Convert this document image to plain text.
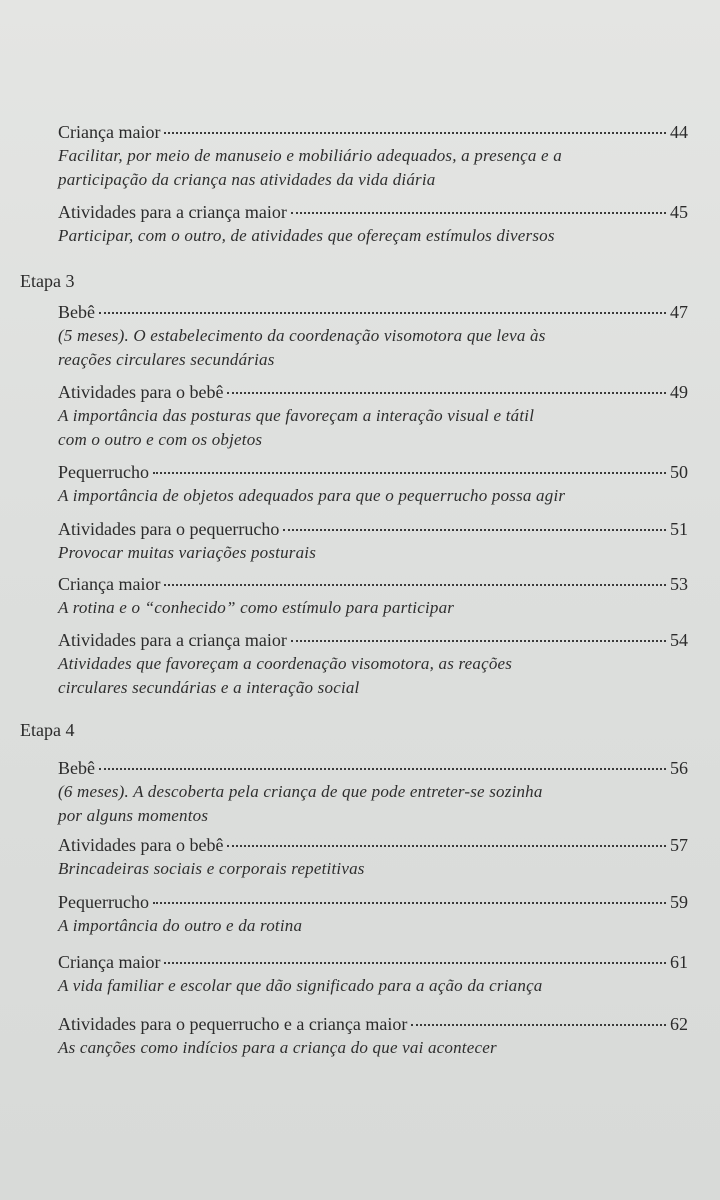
Criança maior	44
Facilitar, por meio de manuseio e mobiliário adequados, a presença e a
participação da criança nas atividades da vida diária
Atividades para a criança maior	45
Participar, com o outro, de atividades que ofereçam estímulos diversos
Etapa 3
Bebê	47
(5 meses). O estabelecimento da coordenação visomotora que leva às
reações circulares secundárias
Atividades para o bebê	49
A importância das posturas que favoreçam a interação visual e tátil
com o outro e com os objetos
Pequerrucho	50
A importância de objetos adequados para que o pequerrucho possa agir
Atividades para o pequerrucho	51
Provocar muitas variações posturais
Criança maior	53
A rotina e o “conhecido” como estímulo para participar
Atividades para a criança maior	54
Atividades que favoreçam a coordenação visomotora, as reações
circulares secundárias e a interação social
Etapa 4
Bebê	56
(6 meses). A descoberta pela criança de que pode entreter-se sozinha
por alguns momentos
Atividades para o bebê	57
Brincadeiras sociais e corporais repetitivas
Pequerrucho	59
A importância do outro e da rotina
Criança maior	61
A vida familiar e escolar que dão significado para a ação da criança
Atividades para o pequerrucho e a criança maior	62
As canções como indícios para a criança do que vai acontecer
